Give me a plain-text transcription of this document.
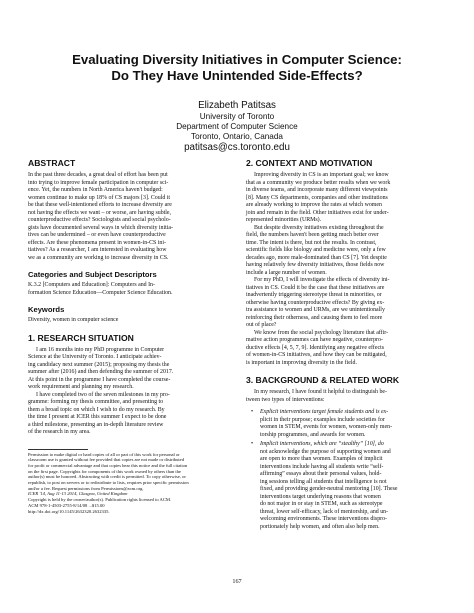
Evaluating Diversity Initiatives in Computer Science:
Do They Have Unintended Side-Effects?
Elizabeth Patitsas
University of Toronto
Department of Computer Science
Toronto, Ontario, Canada
patitsas@cs.toronto.edu
ABSTRACT
In the past three decades, a great deal of effort has been put
into trying to improve female participation in computer sci-
ence. Yet, the numbers in North America haven't budged:
women continue to make up 18% of CS majors [3]. Could it
be that these well-intentioned efforts to increase diversity are
not having the effects we want – or worse, are having subtle,
counterproductive effects? Sociologists and social psycholo-
gists have documented several ways in which diversity initia-
tives can be undermined – or even have counterproductive
effects. Are these phenomena present in women-in-CS ini-
tiatives? As a researcher, I am interested in evaluating how
we as a community are working to increase diversity in CS.
Categories and Subject Descriptors
K.3.2 [Computers and Education]: Computers and In-
formation Science Education—Computer Science Education.
Keywords
Diversity, women in computer science
1. RESEARCH SITUATION
I am 16 months into my PhD programme in Computer
Science at the University of Toronto. I anticipate achiev-
ing candidacy next summer (2015); proposing my thesis the
summer after (2016) and then defending the summer of 2017.
At this point in the programme I have completed the course-
work requirement and planning my research.
I have completed two of the seven milestones in my pro-
gramme: forming my thesis committee, and presenting to
them a broad topic on which I wish to do my research. By
the time I present at ICER this summer I expect to be done
a third milestone, presenting an in-depth literature review
of the research in my area.
Permission to make digital or hard copies of all or part of this work for personal or
classroom use is granted without fee provided that copies are not made or distributed
for profit or commercial advantage and that copies bear this notice and the full citation
on the first page. Copyrights for components of this work owned by others than the
author(s) must be honored. Abstracting with credit is permitted. To copy otherwise, or
republish, to post on servers or to redistribute to lists, requires prior specific permission
and/or a fee. Request permissions from Permissions@acm.org.
ICER '14, Aug 11-13 2014, Glasgow, United Kingdom
Copyright is held by the owner/author(s). Publication rights licensed to ACM.
ACM 978-1-4503-2755-8/14/08 ...$15.00
http://dx.doi.org/10.1145/2632320.2632335.
2. CONTEXT AND MOTIVATION
Improving diversity in CS is an important goal; we know
that as a community we produce better results when we work
in diverse teams, and incorporate many different viewpoints
[8]. Many CS departments, companies and other institutions
are already working to improve the rates at which women
join and remain in the field. Other initiatives exist for under-
represented minorities (URMs).
But despite diversity initiatives existing throughout the
field, the numbers haven't been getting much better over
time. The intent is there, but not the results. In contrast,
scientific fields like biology and medicine were, only a few
decades ago, more male-dominated than CS [7]. Yet despite
having relatively few diversity initiatives, those fields now
include a large number of women.
For my PhD, I will investigate the effects of diversity ini-
tiatives in CS. Could it be the case that these initiatives are
inadvertently triggering stereotype threat in minorities, or
otherwise having counterproductive effects? By giving ex-
tra assistance to women and URMs, are we unintentionally
reinforcing their otherness, and causing them to feel more
out of place?
We know from the social psychology literature that affir-
mative action programmes can have negative, counterpro-
ductive effects [4, 5, 7, 9]. Identifying any negative effects
of women-in-CS initiatives, and how they can be mitigated,
is important in improving diversity in the field.
3. BACKGROUND & RELATED WORK
In my research, I have found it helpful to distinguish be-
tween two types of interventions:
• Explicit interventions target female students and is ex-
plicit in their purpose; examples include societies for
women in STEM, events for women, women-only men-
torship programmes, and awards for women.
• Implicit interventions, which are “stealthy” [10], do
not acknowledge the purpose of supporting women and
are open to more than women. Examples of implicit
interventions include having all students write “self-
affirming” essays about their personal values, hold-
ing sessions telling all students that intelligence is not
fixed, and providing gender-neutral mentoring [10]. These
interventions target underlying reasons that women
do not major in or stay in STEM, such as stereotype
threat, lower self-efficacy, lack of mentorship, and un-
welcoming environments. These interventions dispro-
portionately help women, and often also help men.
167
